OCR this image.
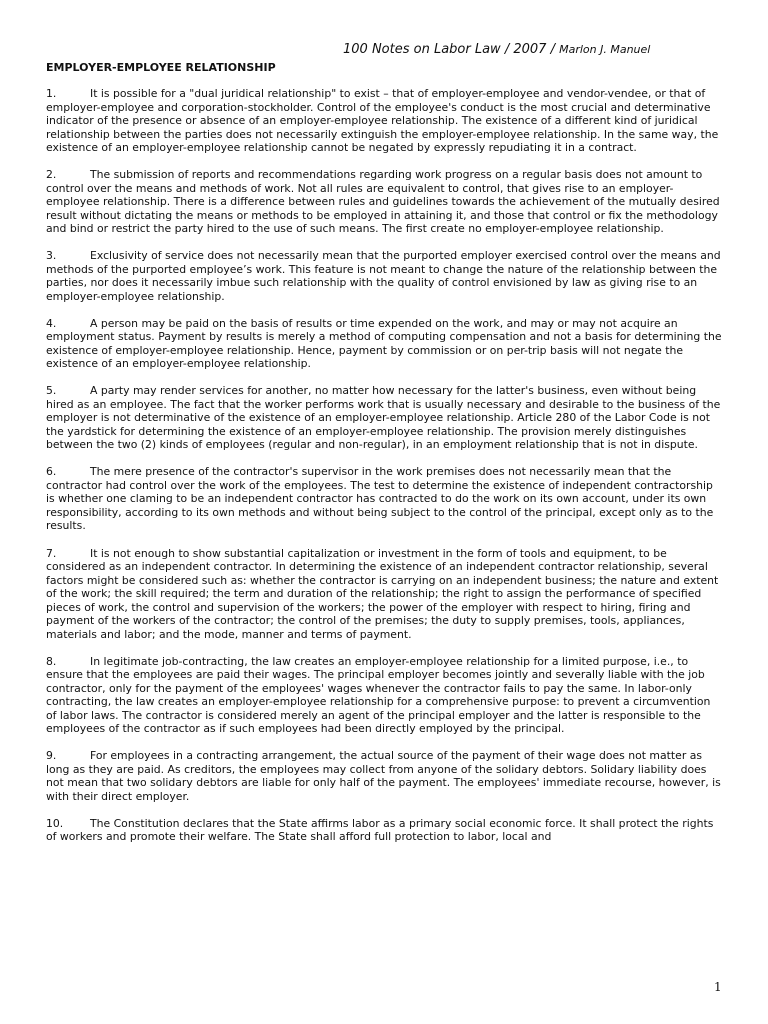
100 Notes on Labor Law / 2007 / Marlon J. Manuel
EMPLOYER-EMPLOYEE RELATIONSHIP

1.	It is possible for a "dual juridical relationship" to exist – that of employer-employee and vendor-vendee, or that of employer-employee and corporation-stockholder. Control of the employee's conduct is the most crucial and determinative indicator of the presence or absence of an employer-employee relationship. The existence of a different kind of juridical relationship between the parties does not necessarily extinguish the employer-employee relationship. In the same way, the existence of an employer-employee relationship cannot be negated by expressly repudiating it in a contract.

2.	The submission of reports and recommendations regarding work progress on a regular basis does not amount to control over the means and methods of work. Not all rules are equivalent to control, that gives rise to an employer-employee relationship. There is a difference between rules and guidelines towards the achievement of the mutually desired result without dictating the means or methods to be employed in attaining it, and those that control or fix the methodology and bind or restrict the party hired to the use of such means. The first create no employer-employee relationship.

3.	Exclusivity of service does not necessarily mean that the purported employer exercised control over the means and methods of the purported employee’s work. This feature is not meant to change the nature of the relationship between the parties, nor does it necessarily imbue such relationship with the quality of control envisioned by law as giving rise to an employer-employee relationship.

4.	A person may be paid on the basis of results or time expended on the work, and may or may not acquire an employment status. Payment by results is merely a method of computing compensation and not a basis for determining the existence of employer-employee relationship. Hence, payment by commission or on per-trip basis will not negate the existence of an employer-employee relationship.

5.	A party may render services for another, no matter how necessary for the latter's business, even without being hired as an employee. The fact that the worker performs work that is usually necessary and desirable to the business of the employer is not determinative of the existence of an employer-employee relationship. Article 280 of the Labor Code is not the yardstick for determining the existence of an employer-employee relationship. The provision merely distinguishes between the two (2) kinds of employees (regular and non-regular), in an employment relationship that is not in dispute.

6.	The mere presence of the contractor's supervisor in the work premises does not necessarily mean that the contractor had control over the work of the employees. The test to determine the existence of independent contractorship is whether one claming to be an independent contractor has contracted to do the work on its own account, under its own responsibility, according to its own methods and without being subject to the control of the principal, except only as to the results.

7.	It is not enough to show substantial capitalization or investment in the form of tools and equipment, to be considered as an independent contractor. In determining the existence of an independent contractor relationship, several factors might be considered such as: whether the contractor is carrying on an independent business; the nature and extent of the work; the skill required; the term and duration of the relationship; the right to assign the performance of specified pieces of work, the control and supervision of the workers; the power of the employer with respect to hiring, firing and payment of the workers of the contractor; the control of the premises; the duty to supply premises, tools, appliances, materials and labor; and the mode, manner and terms of payment.

8.	In legitimate job-contracting, the law creates an employer-employee relationship for a limited purpose, i.e., to ensure that the employees are paid their wages. The principal employer becomes jointly and severally liable with the job contractor, only for the payment of the employees' wages whenever the contractor fails to pay the same. In labor-only contracting, the law creates an employer-employee relationship for a comprehensive purpose: to prevent a circumvention of labor laws. The contractor is considered merely an agent of the principal employer and the latter is responsible to the employees of the contractor as if such employees had been directly employed by the principal.

9.	For employees in a contracting arrangement, the actual source of the payment of their wage does not matter as long as they are paid. As creditors, the employees may collect from anyone of the solidary debtors. Solidary liability does not mean that two solidary debtors are liable for only half of the payment. The employees' immediate recourse, however, is with their direct employer.

10. The Constitution declares that the State affirms labor as a primary social economic force. It shall protect the rights of workers and promote their welfare. The State shall afford full protection to labor, local and

1
